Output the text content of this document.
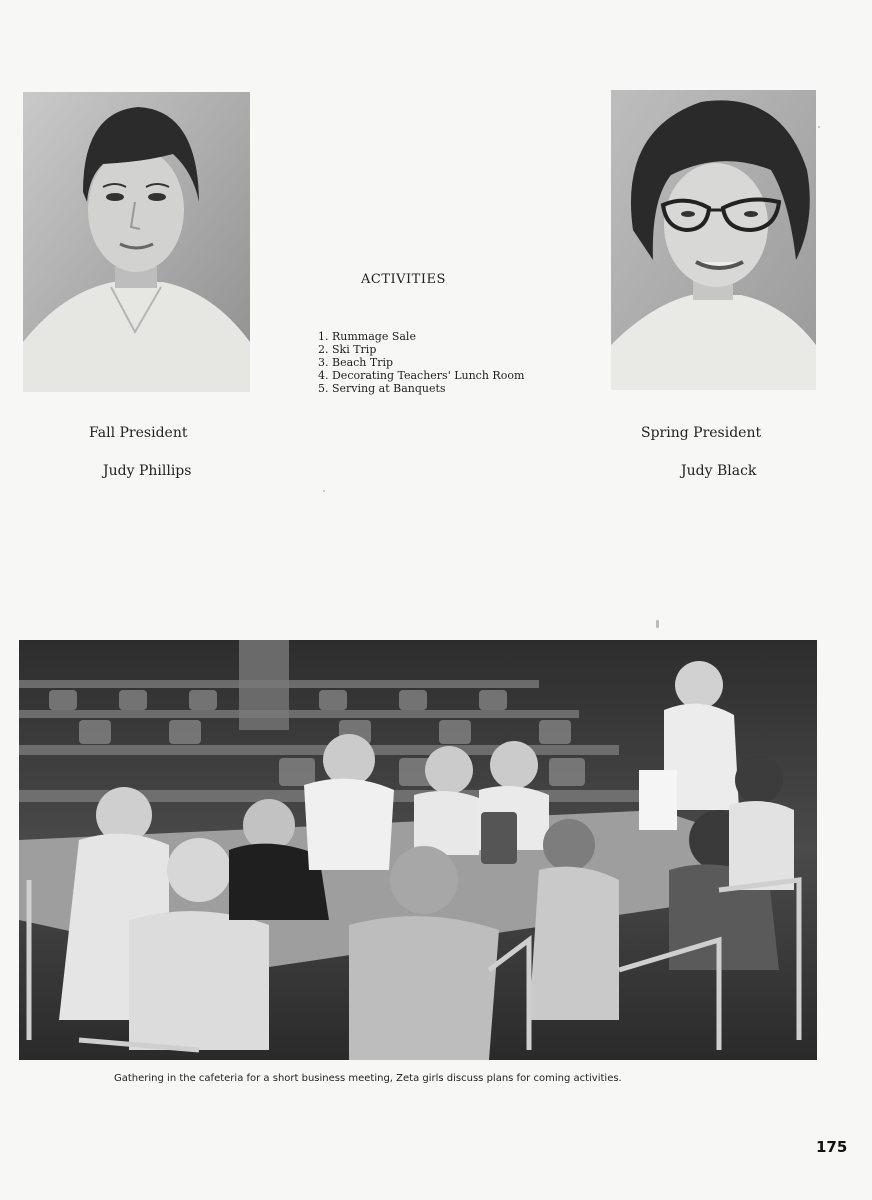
Fall President
Judy Phillips
Spring President
Judy Black
ACTIVITIES
1. Rummage Sale
2. Ski Trip
3. Beach Trip
4. Decorating Teachers' Lunch Room
5. Serving at Banquets
Gathering in the cafeteria for a short business meeting, Zeta girls discuss plans for coming activities.
175
